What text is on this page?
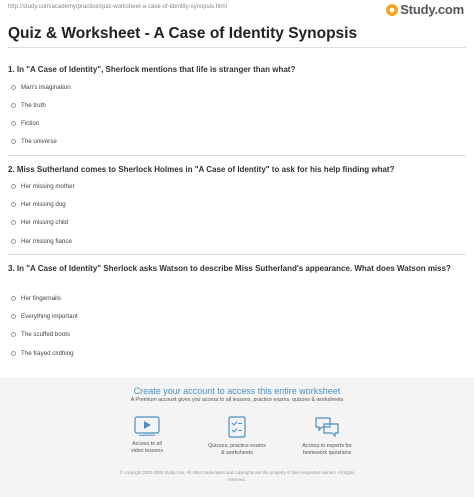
http://study.com/academy/practice/quiz-worksheet-a-case-of-identity-synopsis.html	Study.com
Quiz & Worksheet - A Case of Identity Synopsis
1. In "A Case of Identity", Sherlock mentions that life is stranger than what?
Man's imagination
The truth
Fiction
The universe
2. Miss Sutherland comes to Sherlock Holmes in "A Case of Identity" to ask for his help finding what?
Her missing mother
Her missing dog
Her missing child
Her missing fiance
3. In "A Case of Identity" Sherlock asks Watson to describe Miss Sutherland's appearance. What does Watson miss?
Her fingernails
Everything important
The scuffed boots
The frayed clothing
Create your account to access this entire worksheet
A Premium account gives you access to all lessons, practice exams, quizzes & worksheets
Access to all
video lessons
Quizzes, practice exams
& worksheets
Access to experts for
homework questions
© copyright 2003-2020 Study.com. All other trademarks and copyrights are the property of their respective owners. All rights
reserved.
